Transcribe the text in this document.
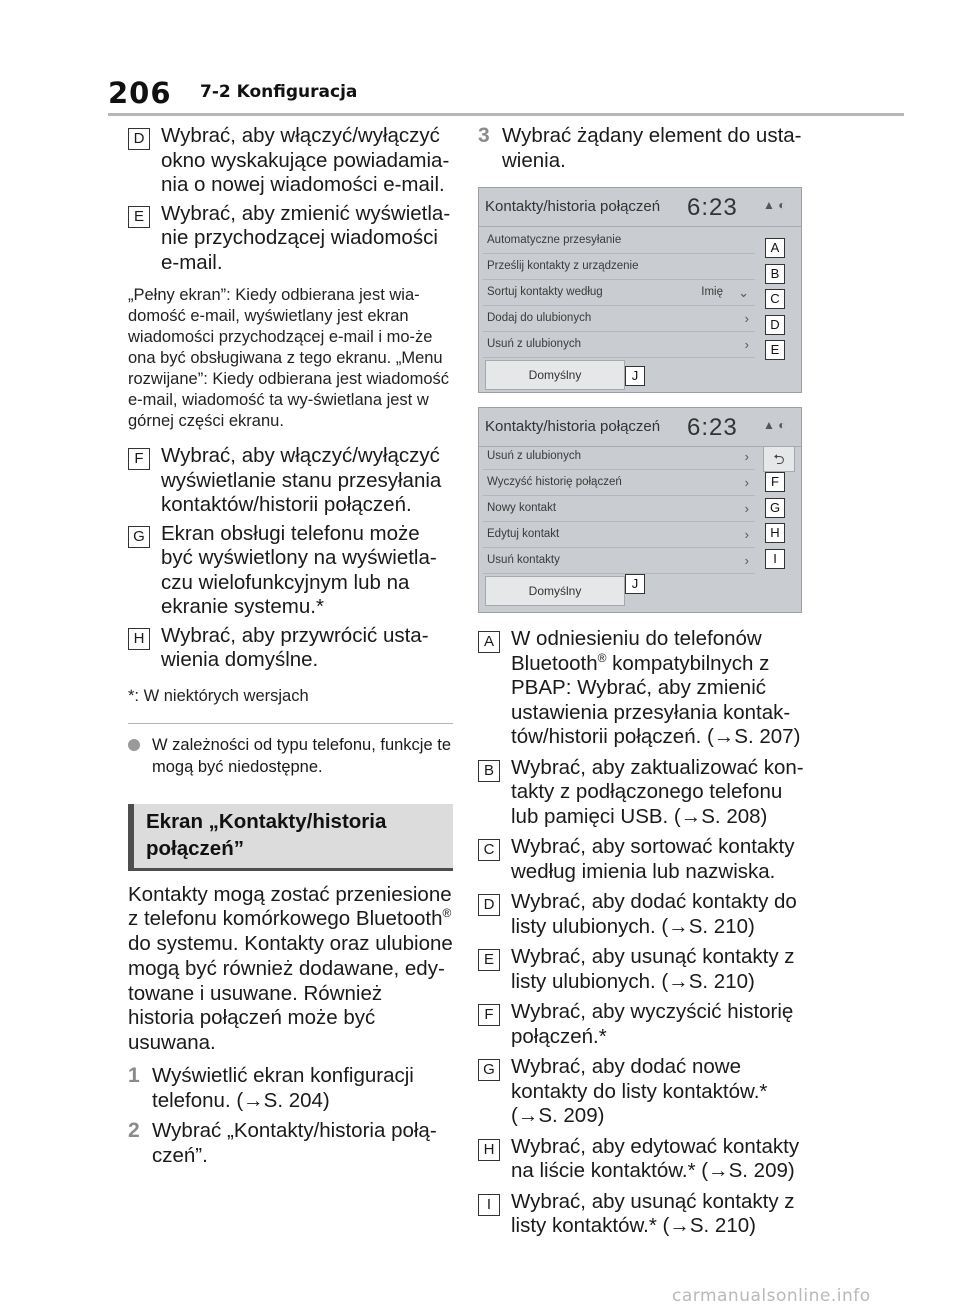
206 7-2 Konfiguracja
D Wybrać, aby włączyć/wyłączyć okno wyskakujące powiadamia-nia o nowej wiadomości e-mail.
E Wybrać, aby zmienić wyświetla-nie przychodzącej wiadomości e-mail.
„Pełny ekran”: Kiedy odbierana jest wia-domość e-mail, wyświetlany jest ekran wiadomości przychodzącej e-mail i mo-że ona być obsługiwana z tego ekranu. „Menu rozwijane”: Kiedy odbierana jest wiadomość e-mail, wiadomość ta wy-świetlana jest w górnej części ekranu.
F Wybrać, aby włączyć/wyłączyć wyświetlanie stanu przesyłania kontaktów/historii połączeń.
G Ekran obsługi telefonu może być wyświetlony na wyświetla-czu wielofunkcyjnym lub na ekranie systemu.*
H Wybrać, aby przywrócić usta-wienia domyślne.
*: W niektórych wersjach
W zależności od typu telefonu, funkcje te mogą być niedostępne.
Ekran „Kontakty/historia połączeń”
Kontakty mogą zostać przeniesione z telefonu komórkowego Bluetooth® do systemu. Kontakty oraz ulubione mogą być również dodawane, edy-towane i usuwane. Również historia połączeń może być usuwana.
1 Wyświetlić ekran konfiguracji telefonu. (→S. 204)
2 Wybrać „Kontakty/historia połą-czeń”.
3 Wybrać żądany element do usta-wienia.
Kontakty/historia połączeń 6:23 ▲ ◐
Automatyczne przesyłanie
Prześlij kontakty z urządzenie
Sortuj kontakty według	Imię ⌄
Dodaj do ulubionych	›
Usuń z ulubionych	›
A
B
C
D
E
Domyślny	J
Kontakty/historia połączeń 6:23 ▲ ◐
Usuń z ulubionych	›	⮌
Wyczyść historię połączeń	›
Nowy kontakt	›
Edytuj kontakt	›
Usuń kontakty	›
F
G
H
I
Domyślny	J
A W odniesieniu do telefonów Bluetooth® kompatybilnych z PBAP: Wybrać, aby zmienić ustawienia przesyłania kontak-tów/historii połączeń. (→S. 207)
B Wybrać, aby zaktualizować kon-takty z podłączonego telefonu lub pamięci USB. (→S. 208)
C Wybrać, aby sortować kontakty według imienia lub nazwiska.
D Wybrać, aby dodać kontakty do listy ulubionych. (→S. 210)
E Wybrać, aby usunąć kontakty z listy ulubionych. (→S. 210)
F Wybrać, aby wyczyścić historię połączeń.*
G Wybrać, aby dodać nowe kontakty do listy kontaktów.* (→S. 209)
H Wybrać, aby edytować kontakty na liście kontaktów.* (→S. 209)
I Wybrać, aby usunąć kontakty z listy kontaktów.* (→S. 210)
carmanualsonline.info
